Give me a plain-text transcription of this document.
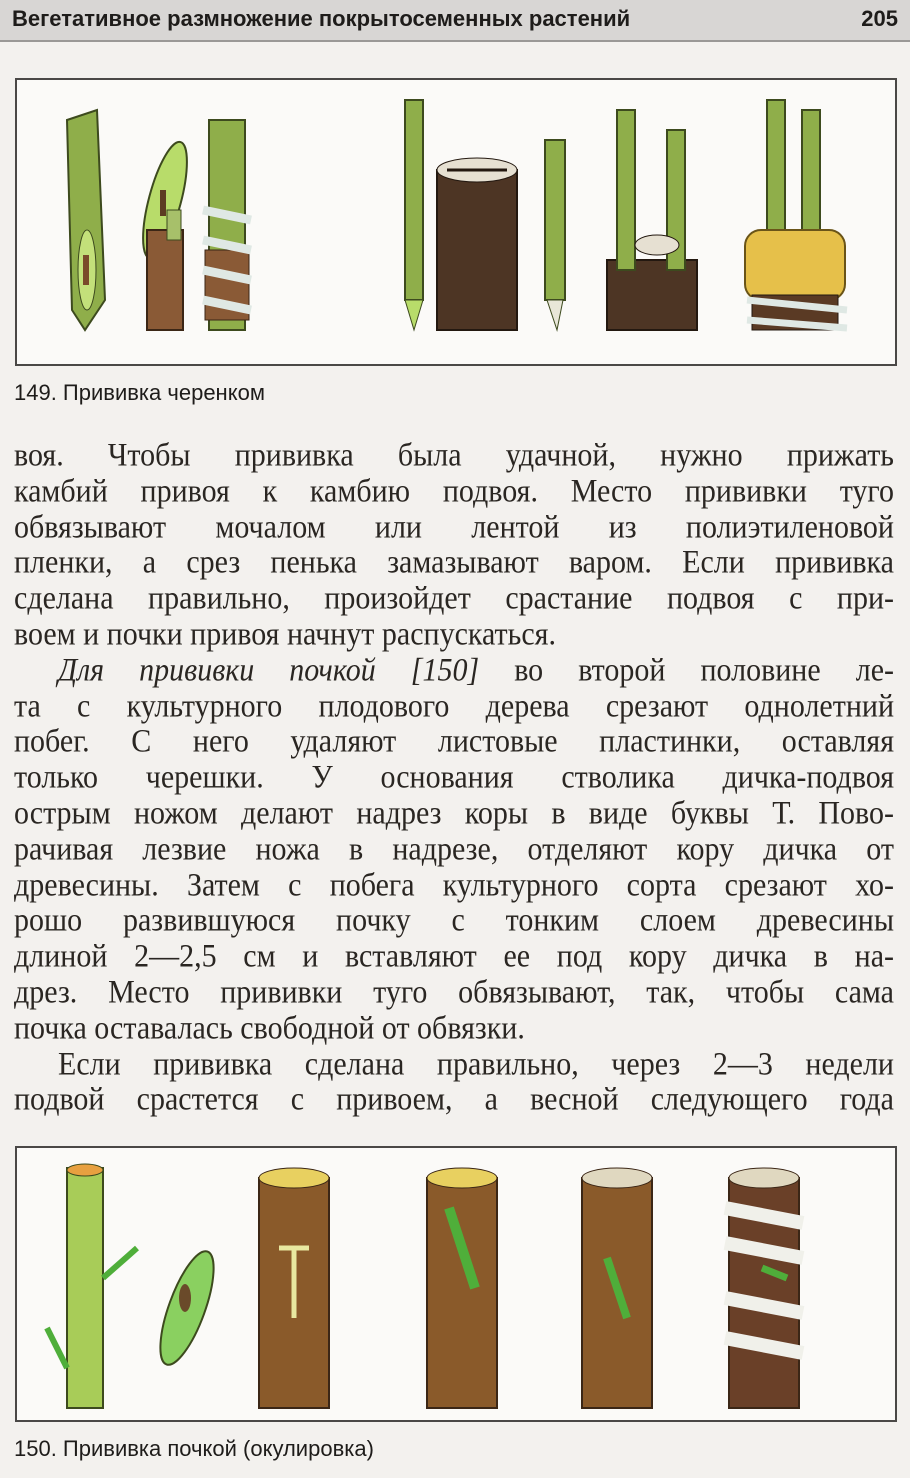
Вегетативное размножение покрытосеменных растений	205
149. Прививка черенком
воя. Чтобы прививка была удачной, нужно прижать
камбий привоя к камбию подвоя. Место прививки туго
обвязывают мочалом или лентой из полиэтиленовой
пленки, а срез пенька замазывают варом. Если прививка
сделана правильно, произойдет срастание подвоя с при-
воем и почки привоя начнут распускаться.
Для прививки почкой [150] во второй половине ле-
та с культурного плодового дерева срезают однолетний
побег. С него удаляют листовые пластинки, оставляя
только черешки. У основания стволика дичка-подвоя
острым ножом делают надрез коры в виде буквы Т. Пово-
рачивая лезвие ножа в надрезе, отделяют кору дичка от
древесины. Затем с побега культурного сорта срезают хо-
рошо развившуюся почку с тонким слоем древесины
длиной 2—2,5 см и вставляют ее под кору дичка в на-
дрез. Место прививки туго обвязывают, так, чтобы сама
почка оставалась свободной от обвязки.
Если прививка сделана правильно, через 2—3 недели
подвой срастется с привоем, а весной следующего года
150. Прививка почкой (окулировка)
